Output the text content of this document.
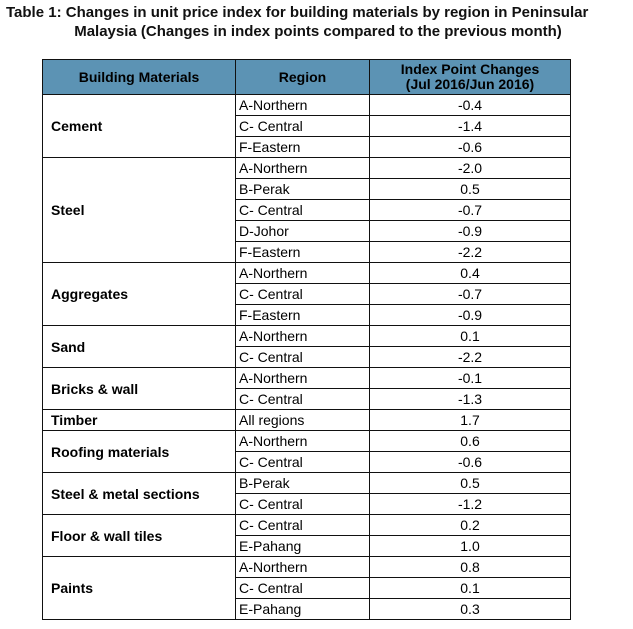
Table 1: Changes in unit price index for building materials by region in Peninsular
Malaysia (Changes in index points compared to the previous month)
Building Materials	Region	Index Point Changes
(Jul 2016/Jun 2016)

Cement	A-Northern	-0.4
	C- Central	-1.4
	F-Eastern	-0.6
Steel	A-Northern	-2.0
	B-Perak	0.5
	C- Central	-0.7
	D-Johor	-0.9
	F-Eastern	-2.2
Aggregates	A-Northern	0.4
	C- Central	-0.7
	F-Eastern	-0.9
Sand	A-Northern	0.1
	C- Central	-2.2
Bricks & wall	A-Northern	-0.1
	C- Central	-1.3
Timber	All regions	1.7
Roofing materials	A-Northern	0.6
	C- Central	-0.6
Steel & metal sections	B-Perak	0.5
	C- Central	-1.2
Floor & wall tiles	C- Central	0.2
	E-Pahang	1.0
Paints	A-Northern	0.8
	C- Central	0.1
	E-Pahang	0.3
